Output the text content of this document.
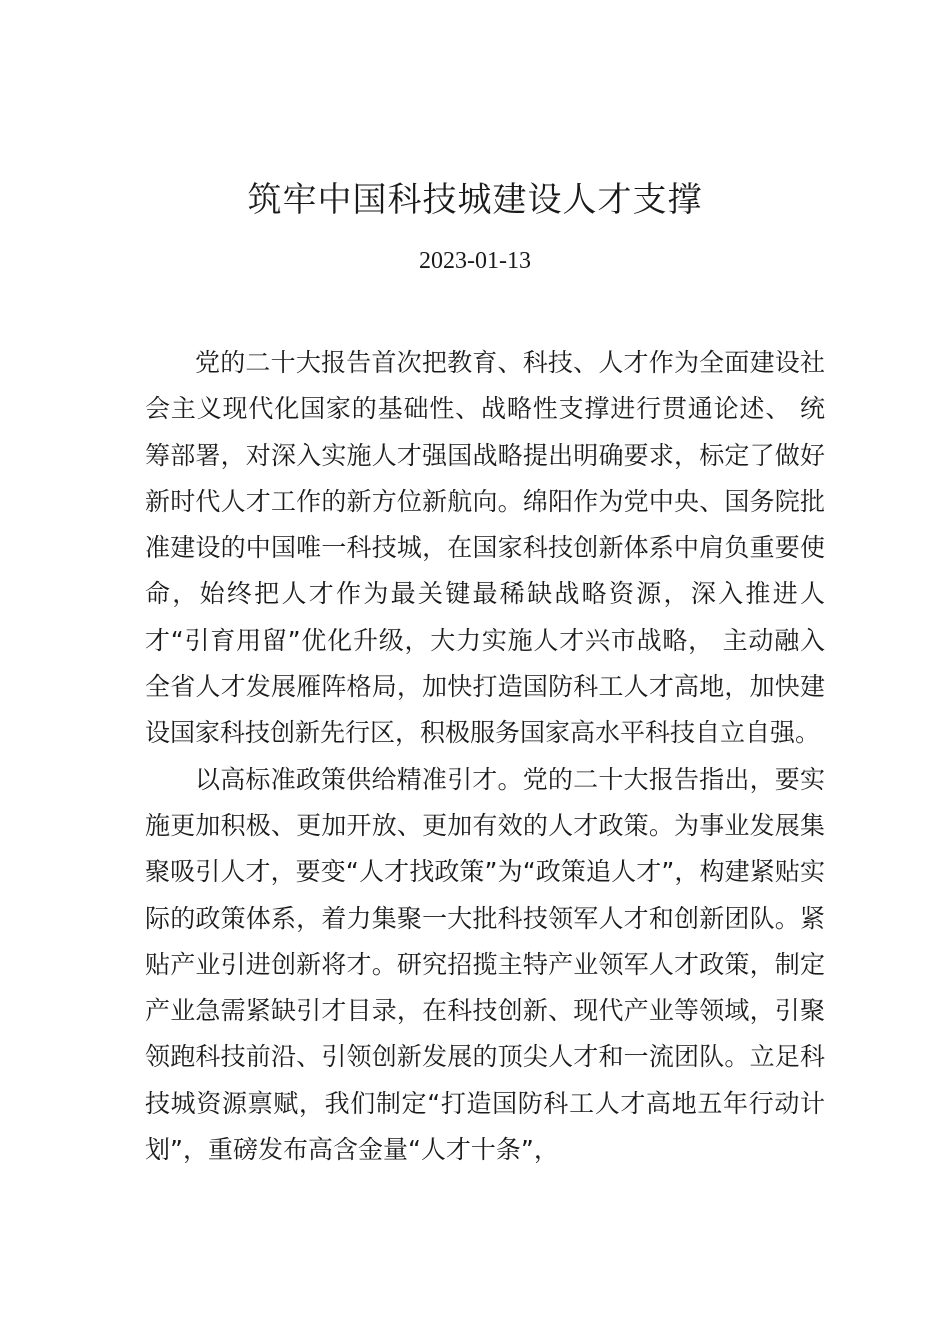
筑牢中国科技城建设人才支撑
2023-01-13

党的二十大报告首次把教育、科技、人才作为全面建设社会主义现代化国家的基础性、战略性支撑进行贯通论述、 统筹部署，对深入实施人才强国战略提出明确要求，标定了做好新时代人才工作的新方位新航向。绵阳作为党中央、国务院批准建设的中国唯一科技城，在国家科技创新体系中肩负重要使命，始终把人才作为最关键最稀缺战略资源，深入推进人才“引育用留”优化升级，大力实施人才兴市战略， 主动融入全省人才发展雁阵格局，加快打造国防科工人才高地，加快建设国家科技创新先行区，积极服务国家高水平科技自立自强。

以高标准政策供给精准引才。党的二十大报告指出，要实施更加积极、更加开放、更加有效的人才政策。为事业发展集聚吸引人才，要变“人才找政策”为“政策追人才”，构建紧贴实际的政策体系，着力集聚一大批科技领军人才和创新团队。紧贴产业引进创新将才。研究招揽主特产业领军人才政策，制定产业急需紧缺引才目录，在科技创新、现代产业等领域，引聚领跑科技前沿、引领创新发展的顶尖人才和一流团队。立足科技城资源禀赋，我们制定“打造国防科工人才高地五年行动计划”，重磅发布高含金量“人才十条”，
